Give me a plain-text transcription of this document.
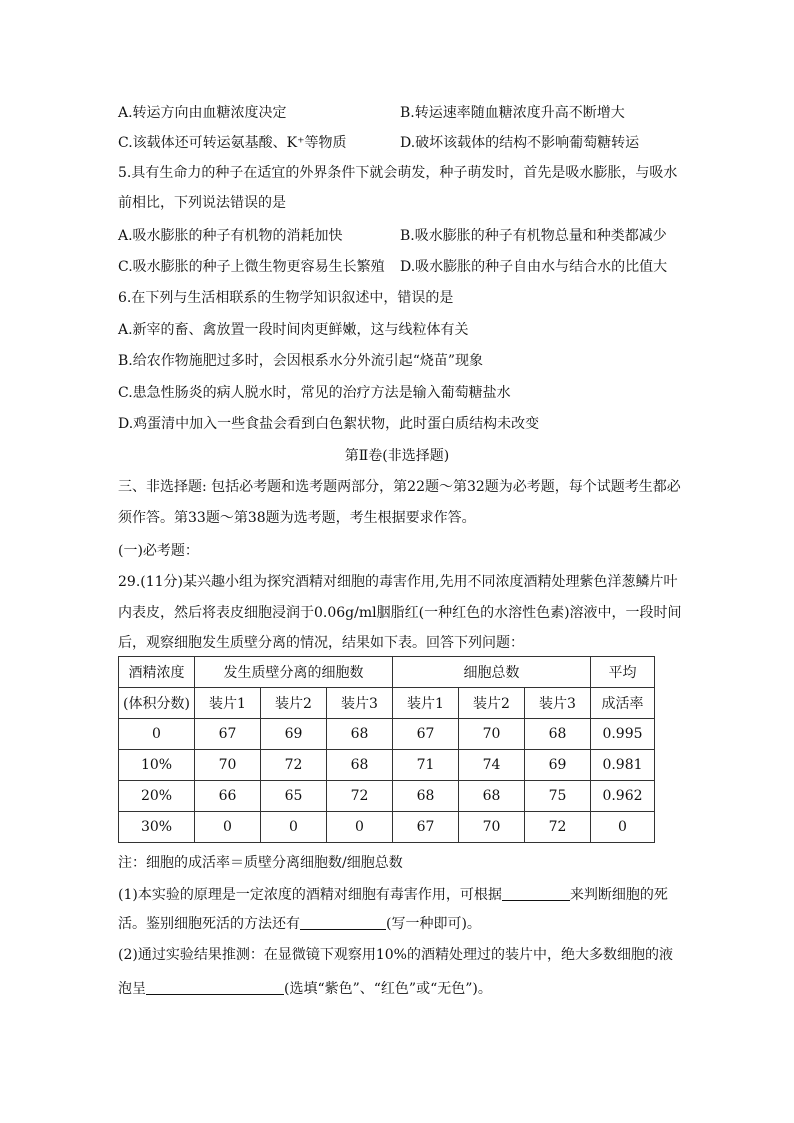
A.转运方向由血糖浓度决定	B.转运速率随血糖浓度升高不断增大
C.该载体还可转运氨基酸、K⁺等物质	D.破坏该载体的结构不影响葡萄糖转运
5.具有生命力的种子在适宜的外界条件下就会萌发，种子萌发时，首先是吸水膨胀，与吸水
前相比，下列说法错误的是
A.吸水膨胀的种子有机物的消耗加快	B.吸水膨胀的种子有机物总量和种类都减少
C.吸水膨胀的种子上微生物更容易生长繁殖 D.吸水膨胀的种子自由水与结合水的比值大
6.在下列与生活相联系的生物学知识叙述中，错误的是
A.新宰的畜、禽放置一段时间肉更鲜嫩，这与线粒体有关
B.给农作物施肥过多时，会因根系水分外流引起“烧苗”现象
C.患急性肠炎的病人脱水时，常见的治疗方法是输入葡萄糖盐水
D.鸡蛋清中加入一些食盐会看到白色絮状物，此时蛋白质结构未改变
第Ⅱ卷(非选择题)
三、非选择题: 包括必考题和选考题两部分，第22题～第32题为必考题，每个试题考生都必
须作答。第33题～第38题为选考题，考生根据要求作答。
(一)必考题：
29.(11分)某兴趣小组为探究酒精对细胞的毒害作用,先用不同浓度酒精处理紫色洋葱鳞片叶
内表皮，然后将表皮细胞浸润于0.06g/ml胭脂红(一种红色的水溶性色素)溶液中，一段时间
后，观察细胞发生质壁分离的情况，结果如下表。回答下列问题：
酒精浓度	发生质壁分离的细胞数			细胞总数			平均
(体积分数)	装片1	装片2	装片3	装片1	装片2	装片3	成活率
0	67	69	68	67	70	68	0.995
10%	70	72	68	71	74	69	0.981
20%	66	65	72	68	68	75	0.962
30%	0	0	0	67	70	72	0
注：细胞的成活率＝质壁分离细胞数/细胞总数
(1)本实验的原理是一定浓度的酒精对细胞有毒害作用，可根据	来判断细胞的死
活。鉴别细胞死活的方法还有	(写一种即可)。
(2)通过实验结果推测：在显微镜下观察用10%的酒精处理过的装片中，绝大多数细胞的液
泡呈	(选填“紫色”、“红色”或“无色”)。
